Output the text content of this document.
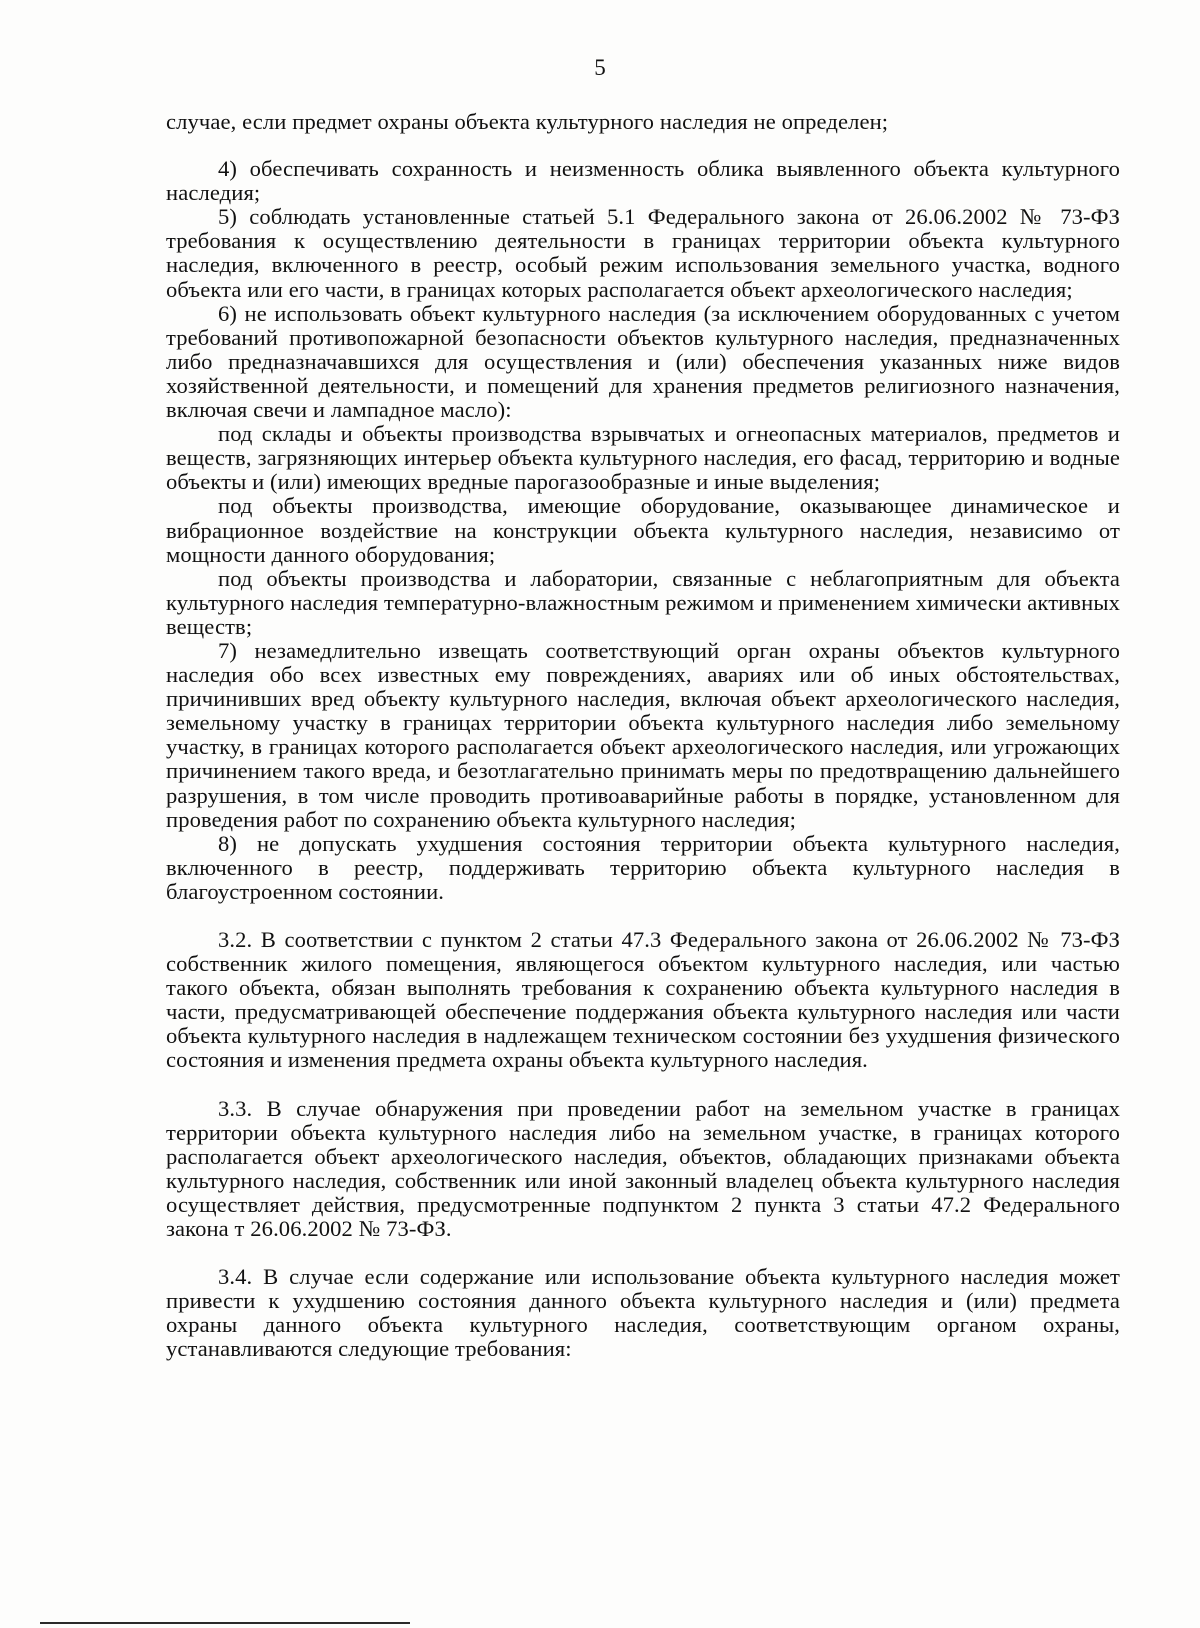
5

случае, если предмет охраны объекта культурного наследия не определен;

4) обеспечивать сохранность и неизменность облика выявленного объекта культурного наследия;

5) соблюдать установленные статьей 5.1 Федерального закона от 26.06.2002 № 73-ФЗ требования к осуществлению деятельности в границах территории объекта культурного наследия, включенного в реестр, особый режим использования земельного участка, водного объекта или его части, в границах которых располагается объект археологического наследия;

6) не использовать объект культурного наследия (за исключением оборудованных с учетом требований противопожарной безопасности объектов культурного наследия, предназначенных либо предназначавшихся для осуществления и (или) обеспечения указанных ниже видов хозяйственной деятельности, и помещений для хранения предметов религиозного назначения, включая свечи и лампадное масло):

под склады и объекты производства взрывчатых и огнеопасных материалов, предметов и веществ, загрязняющих интерьер объекта культурного наследия, его фасад, территорию и водные объекты и (или) имеющих вредные парогазообразные и иные выделения;

под объекты производства, имеющие оборудование, оказывающее динамическое и вибрационное воздействие на конструкции объекта культурного наследия, независимо от мощности данного оборудования;

под объекты производства и лаборатории, связанные с неблагоприятным для объекта культурного наследия температурно-влажностным режимом и применением химически активных веществ;

7) незамедлительно извещать соответствующий орган охраны объектов культурного наследия обо всех известных ему повреждениях, авариях или об иных обстоятельствах, причинивших вред объекту культурного наследия, включая объект археологического наследия, земельному участку в границах территории объекта культурного наследия либо земельному участку, в границах которого располагается объект археологического наследия, или угрожающих причинением такого вреда, и безотлагательно принимать меры по предотвращению дальнейшего разрушения, в том числе проводить противоаварийные работы в порядке, установленном для проведения работ по сохранению объекта культурного наследия;

8) не допускать ухудшения состояния территории объекта культурного наследия, включенного в реестр, поддерживать территорию объекта культурного наследия в благоустроенном состоянии.

3.2. В соответствии с пунктом 2 статьи 47.3 Федерального закона от 26.06.2002 № 73-ФЗ собственник жилого помещения, являющегося объектом культурного наследия, или частью такого объекта, обязан выполнять требования к сохранению объекта культурного наследия в части, предусматривающей обеспечение поддержания объекта культурного наследия или части объекта культурного наследия в надлежащем техническом состоянии без ухудшения физического состояния и изменения предмета охраны объекта культурного наследия.

3.3. В случае обнаружения при проведении работ на земельном участке в границах территории объекта культурного наследия либо на земельном участке, в границах которого располагается объект археологического наследия, объектов, обладающих признаками объекта культурного наследия, собственник или иной законный владелец объекта культурного наследия осуществляет действия, предусмотренные подпунктом 2 пункта 3 статьи 47.2 Федерального закона т 26.06.2002 № 73-ФЗ.

3.4. В случае если содержание или использование объекта культурного наследия может привести к ухудшению состояния данного объекта культурного наследия и (или) предмета охраны данного объекта культурного наследия, соответствующим органом охраны, устанавливаются следующие требования:
